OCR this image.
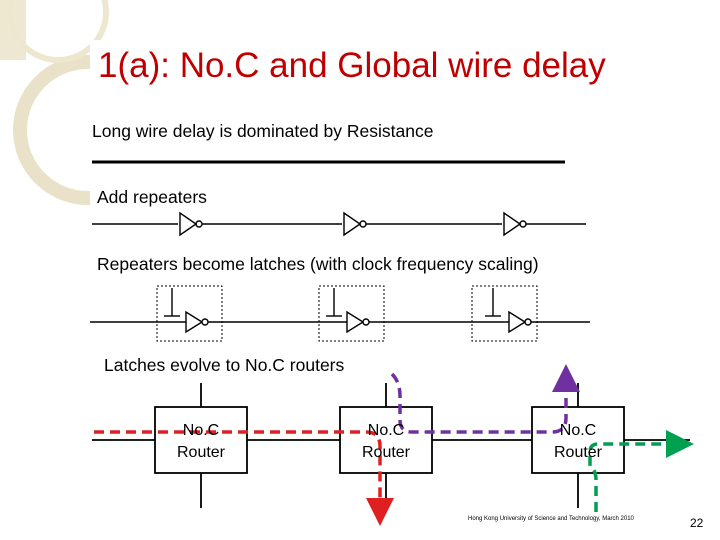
1(a): No.C and Global wire delay
Long wire delay is dominated by Resistance
Add repeaters
Repeaters become latches (with clock frequency scaling)
Latches evolve to No.C routers
No.C
Router
No.C
Router
No.C
Router
Hong Kong University of Science and Technology, March 2010	22
